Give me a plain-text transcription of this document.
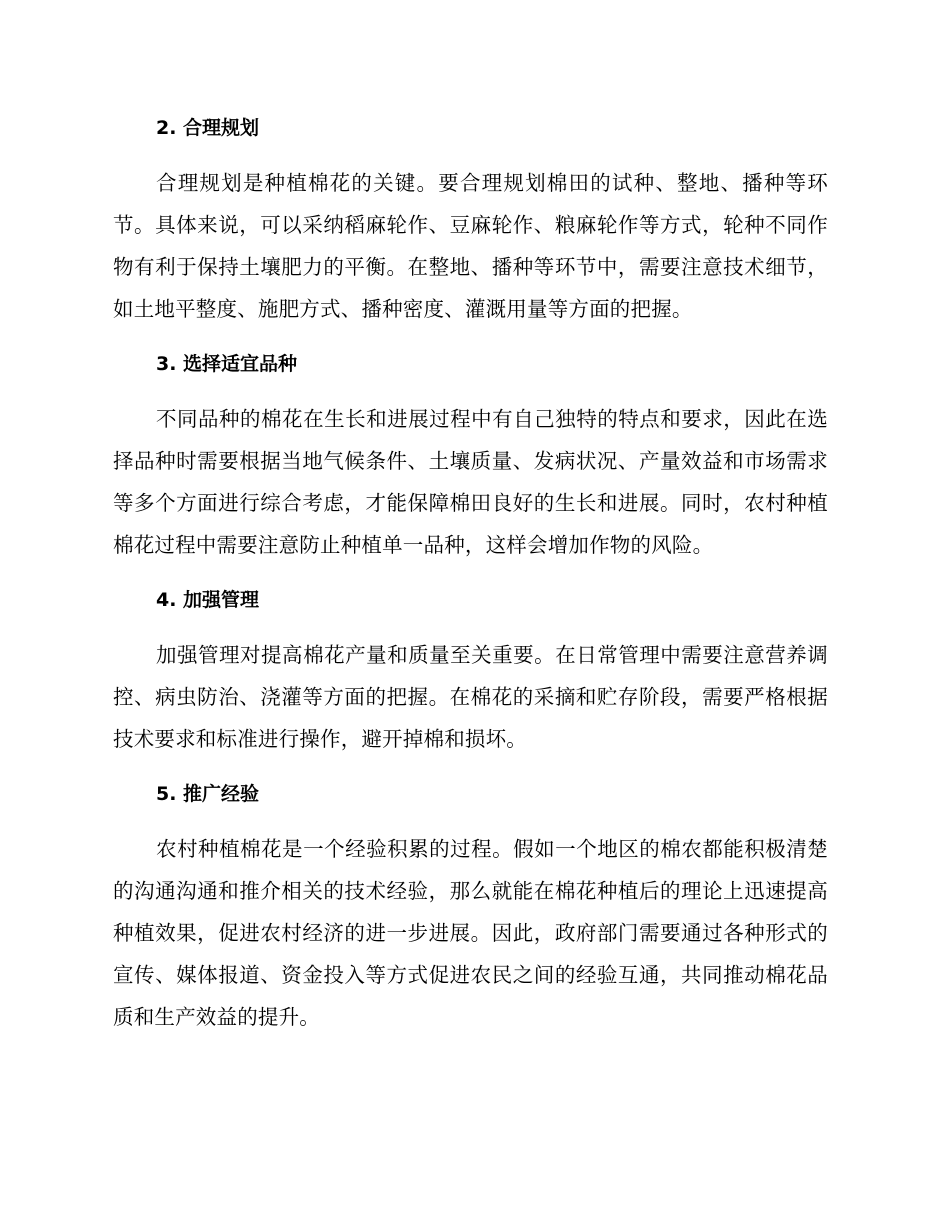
2. 合理规划

合理规划是种植棉花的关键。要合理规划棉田的试种、整地、播种等环节。具体来说，可以采纳稻麻轮作、豆麻轮作、粮麻轮作等方式，轮种不同作物有利于保持土壤肥力的平衡。在整地、播种等环节中，需要注意技术细节，如土地平整度、施肥方式、播种密度、灌溉用量等方面的把握。

3. 选择适宜品种

不同品种的棉花在生长和进展过程中有自己独特的特点和要求，因此在选择品种时需要根据当地气候条件、土壤质量、发病状况、产量效益和市场需求等多个方面进行综合考虑，才能保障棉田良好的生长和进展。同时，农村种植棉花过程中需要注意防止种植单一品种，这样会增加作物的风险。

4. 加强管理

加强管理对提高棉花产量和质量至关重要。在日常管理中需要注意营养调控、病虫防治、浇灌等方面的把握。在棉花的采摘和贮存阶段，需要严格根据技术要求和标准进行操作，避开掉棉和损坏。

5. 推广经验

农村种植棉花是一个经验积累的过程。假如一个地区的棉农都能积极清楚的沟通沟通和推介相关的技术经验，那么就能在棉花种植后的理论上迅速提高种植效果，促进农村经济的进一步进展。因此，政府部门需要通过各种形式的宣传、媒体报道、资金投入等方式促进农民之间的经验互通，共同推动棉花品质和生产效益的提升。
